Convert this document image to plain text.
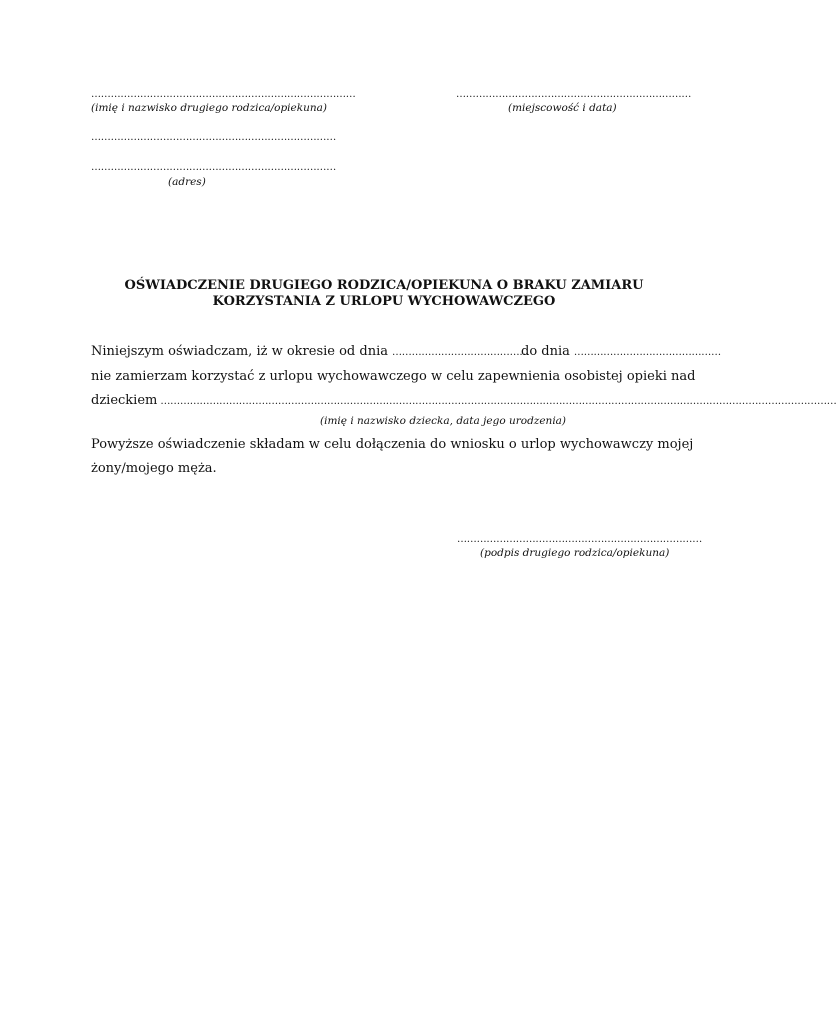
………………………………………………………………………
(imię i nazwisko drugiego rodzica/opiekuna)
………………………………………………………………
(miejscowość i data)
…………………………………………………………………
…………………………………………………………………
(adres)
OŚWIADCZENIE DRUGIEGO RODZICA/OPIEKUNA O BRAKU ZAMIARU
KORZYSTANIA Z URLOPU WYCHOWAWCZEGO
Niniejszym oświadczam, iż w okresie od dnia ……………………………………
do dnia ………………………………………
nie zamierzam korzystać z urlopu wychowawczego w celu zapewnienia osobistej opieki nad
dzieckiem ………………………………………………………………………………………………………………………………………………………………………………………
(imię i nazwisko dziecka, data jego urodzenia)
Powyższe oświadczenie składam w celu dołączenia do wniosku o urlop wychowawczy mojej
żony/mojego męża.
…………………………………………………………………
(podpis drugiego rodzica/opiekuna)
